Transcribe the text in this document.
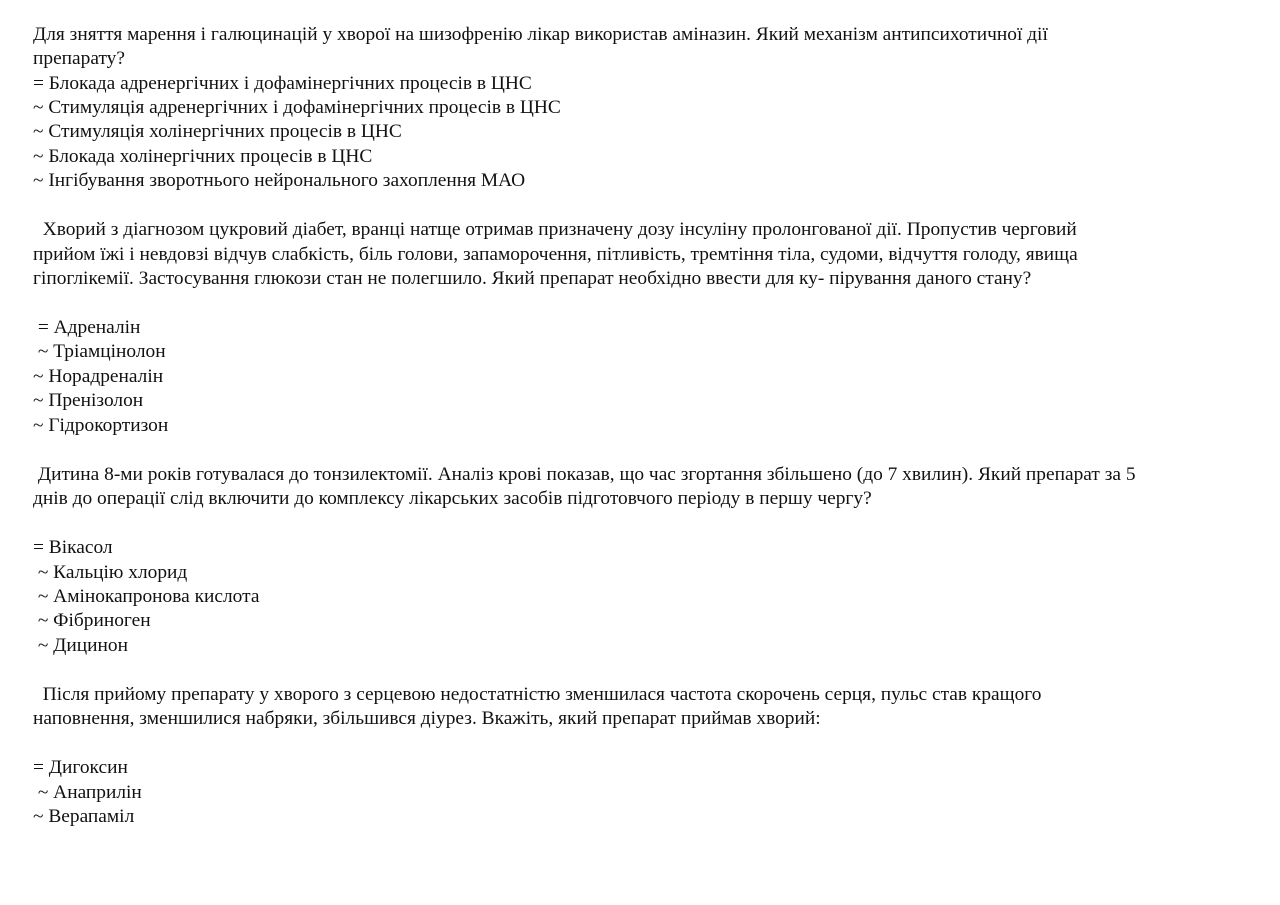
Для зняття марення і галюцинацій у хворої на шизофренію лікар використав аміназин. Який механізм антипсихотичної дії

препарату?

= Блокада адренергічних і дофамінергічних процесів в ЦНС

~ Стимуляція адренергічних і дофамінергічних процесів в ЦНС

~ Стимуляція холінергічних процесів в ЦНС

~ Блокада холінергічних процесів в ЦНС

~ Інгібування зворотнього нейронального захоплення МАО

Хворий з діагнозом цукровий діабет, вранці натще отримав призначену дозу інсуліну пролонгованої дії. Пропустив черговий

прийом їжі і невдовзі відчув слабкість, біль голови, запаморочення, пітливість, тремтіння тіла, судоми, відчуття голоду, явища

гіпоглікемії. Застосування глюкози стан не полегшило. Який препарат необхідно ввести для ку- пірування даного стану?

= Адреналін

~ Тріамцінолон

~ Норадреналін

~ Пренізолон

~ Гідрокортизон

Дитина 8-ми років готувалася до тонзилектомії. Аналіз крові показав, що час згортання збільшено (до 7 хвилин). Який препарат за 5

днів до операції слід включити до комплексу лікарських засобів підготовчого періоду в першу чергу?

= Вікасол

~ Кальцію хлорид

~ Амінокапронова кислота

~ Фібриноген

~ Дицинон

Після прийому препарату у хворого з серцевою недостатністю зменшилася частота скорочень серця, пульс став кращого

наповнення, зменшилися набряки, збільшився діурез. Вкажіть, який препарат приймав хворий:

= Дигоксин

~ Анаприлін

~ Верапаміл
